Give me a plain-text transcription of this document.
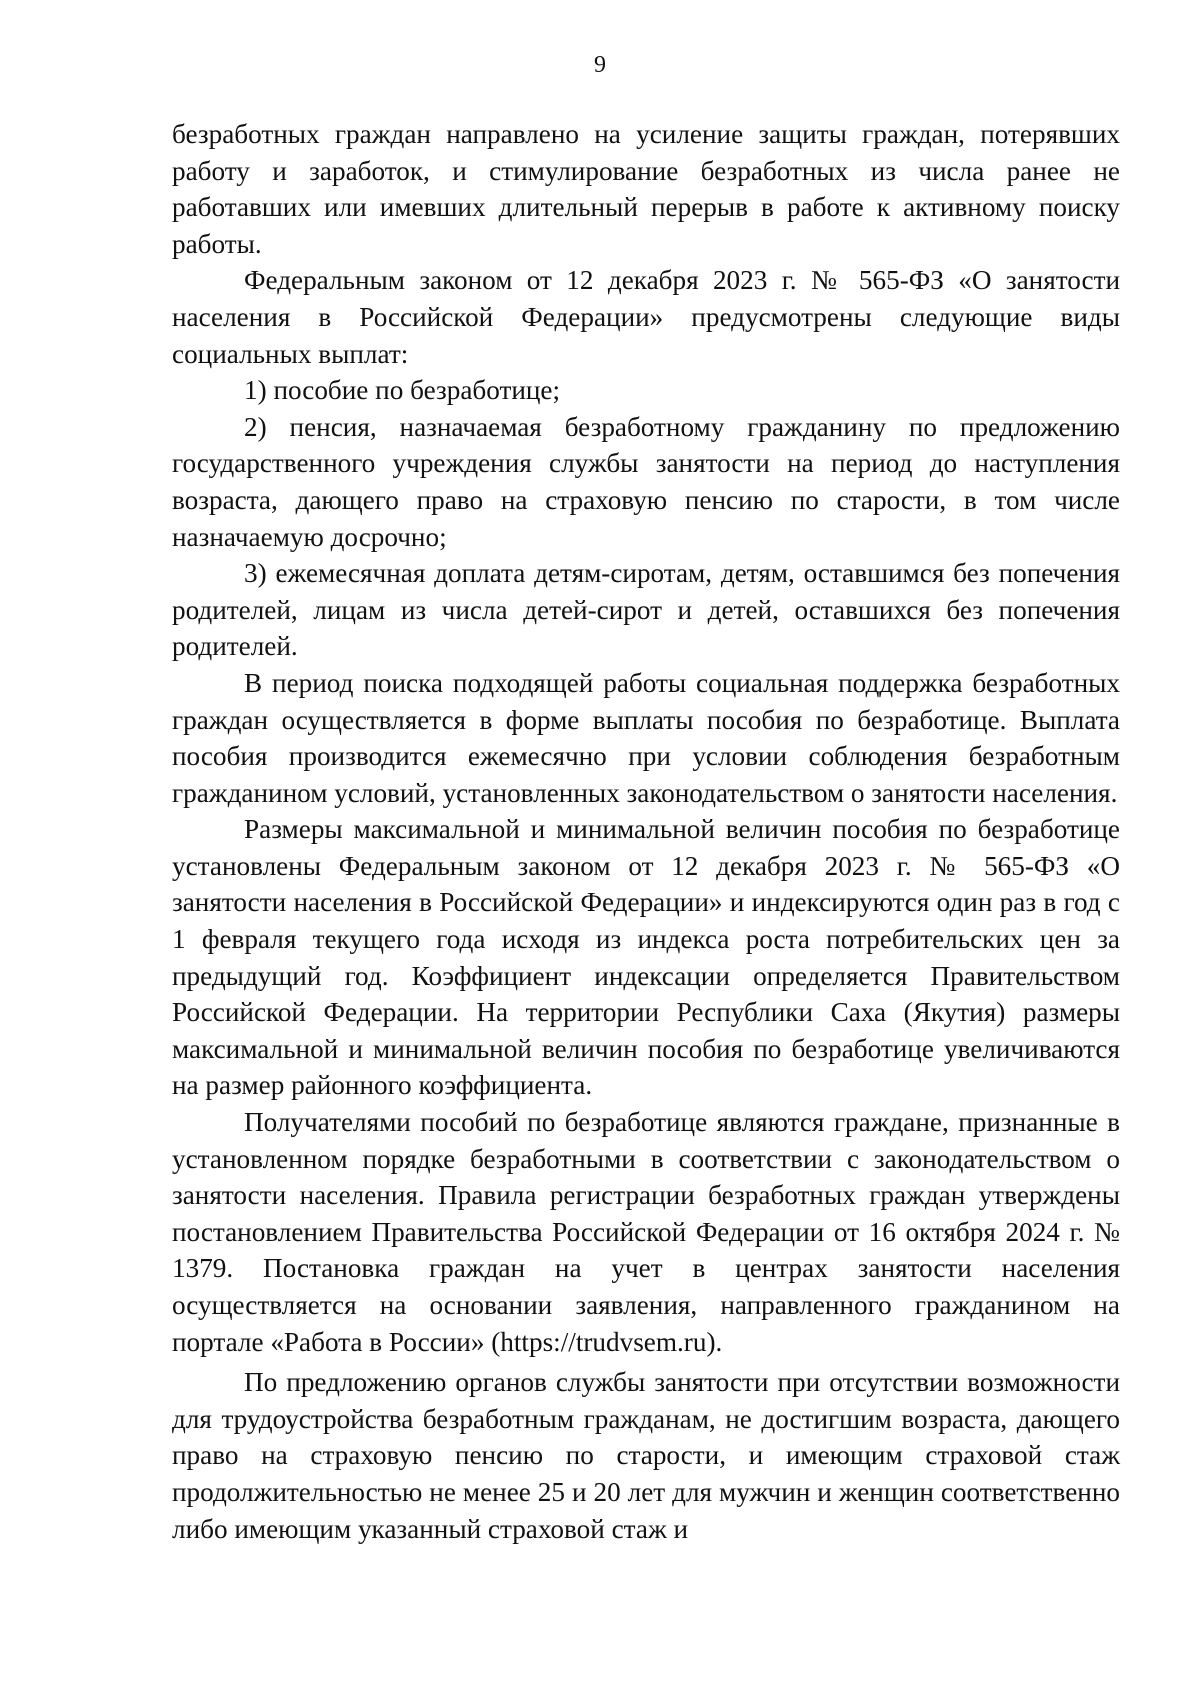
9

безработных граждан направлено на усиление защиты граждан, потерявших работу и заработок, и стимулирование безработных из числа ранее не работавших или имевших длительный перерыв в работе к активному поиску работы.

Федеральным законом от 12 декабря 2023 г. № 565-ФЗ «О занятости населения в Российской Федерации» предусмотрены следующие виды социальных выплат:

1) пособие по безработице;

2) пенсия, назначаемая безработному гражданину по предложению государственного учреждения службы занятости на период до наступления возраста, дающего право на страховую пенсию по старости, в том числе назначаемую досрочно;

3) ежемесячная доплата детям-сиротам, детям, оставшимся без попечения родителей, лицам из числа детей-сирот и детей, оставшихся без попечения родителей.

В период поиска подходящей работы социальная поддержка безработных граждан осуществляется в форме выплаты пособия по безработице. Выплата пособия производится ежемесячно при условии соблюдения безработным гражданином условий, установленных законодательством о занятости населения.

Размеры максимальной и минимальной величин пособия по безработице установлены Федеральным законом от 12 декабря 2023 г. № 565-ФЗ «О занятости населения в Российской Федерации» и индексируются один раз в год с 1 февраля текущего года исходя из индекса роста потребительских цен за предыдущий год. Коэффициент индексации определяется Правительством Российской Федерации. На территории Республики Саха (Якутия) размеры максимальной и минимальной величин пособия по безработице увеличиваются на размер районного коэффициента.

Получателями пособий по безработице являются граждане, признанные в установленном порядке безработными в соответствии с законодательством о занятости населения. Правила регистрации безработных граждан утверждены постановлением Правительства Российской Федерации от 16 октября 2024 г. № 1379. Постановка граждан на учет в центрах занятости населения осуществляется на основании заявления, направленного гражданином на портале «Работа в России» (https://trudvsem.ru).

По предложению органов службы занятости при отсутствии возможности для трудоустройства безработным гражданам, не достигшим возраста, дающего право на страховую пенсию по старости, и имеющим страховой стаж продолжительностью не менее 25 и 20 лет для мужчин и женщин соответственно либо имеющим указанный страховой стаж и
